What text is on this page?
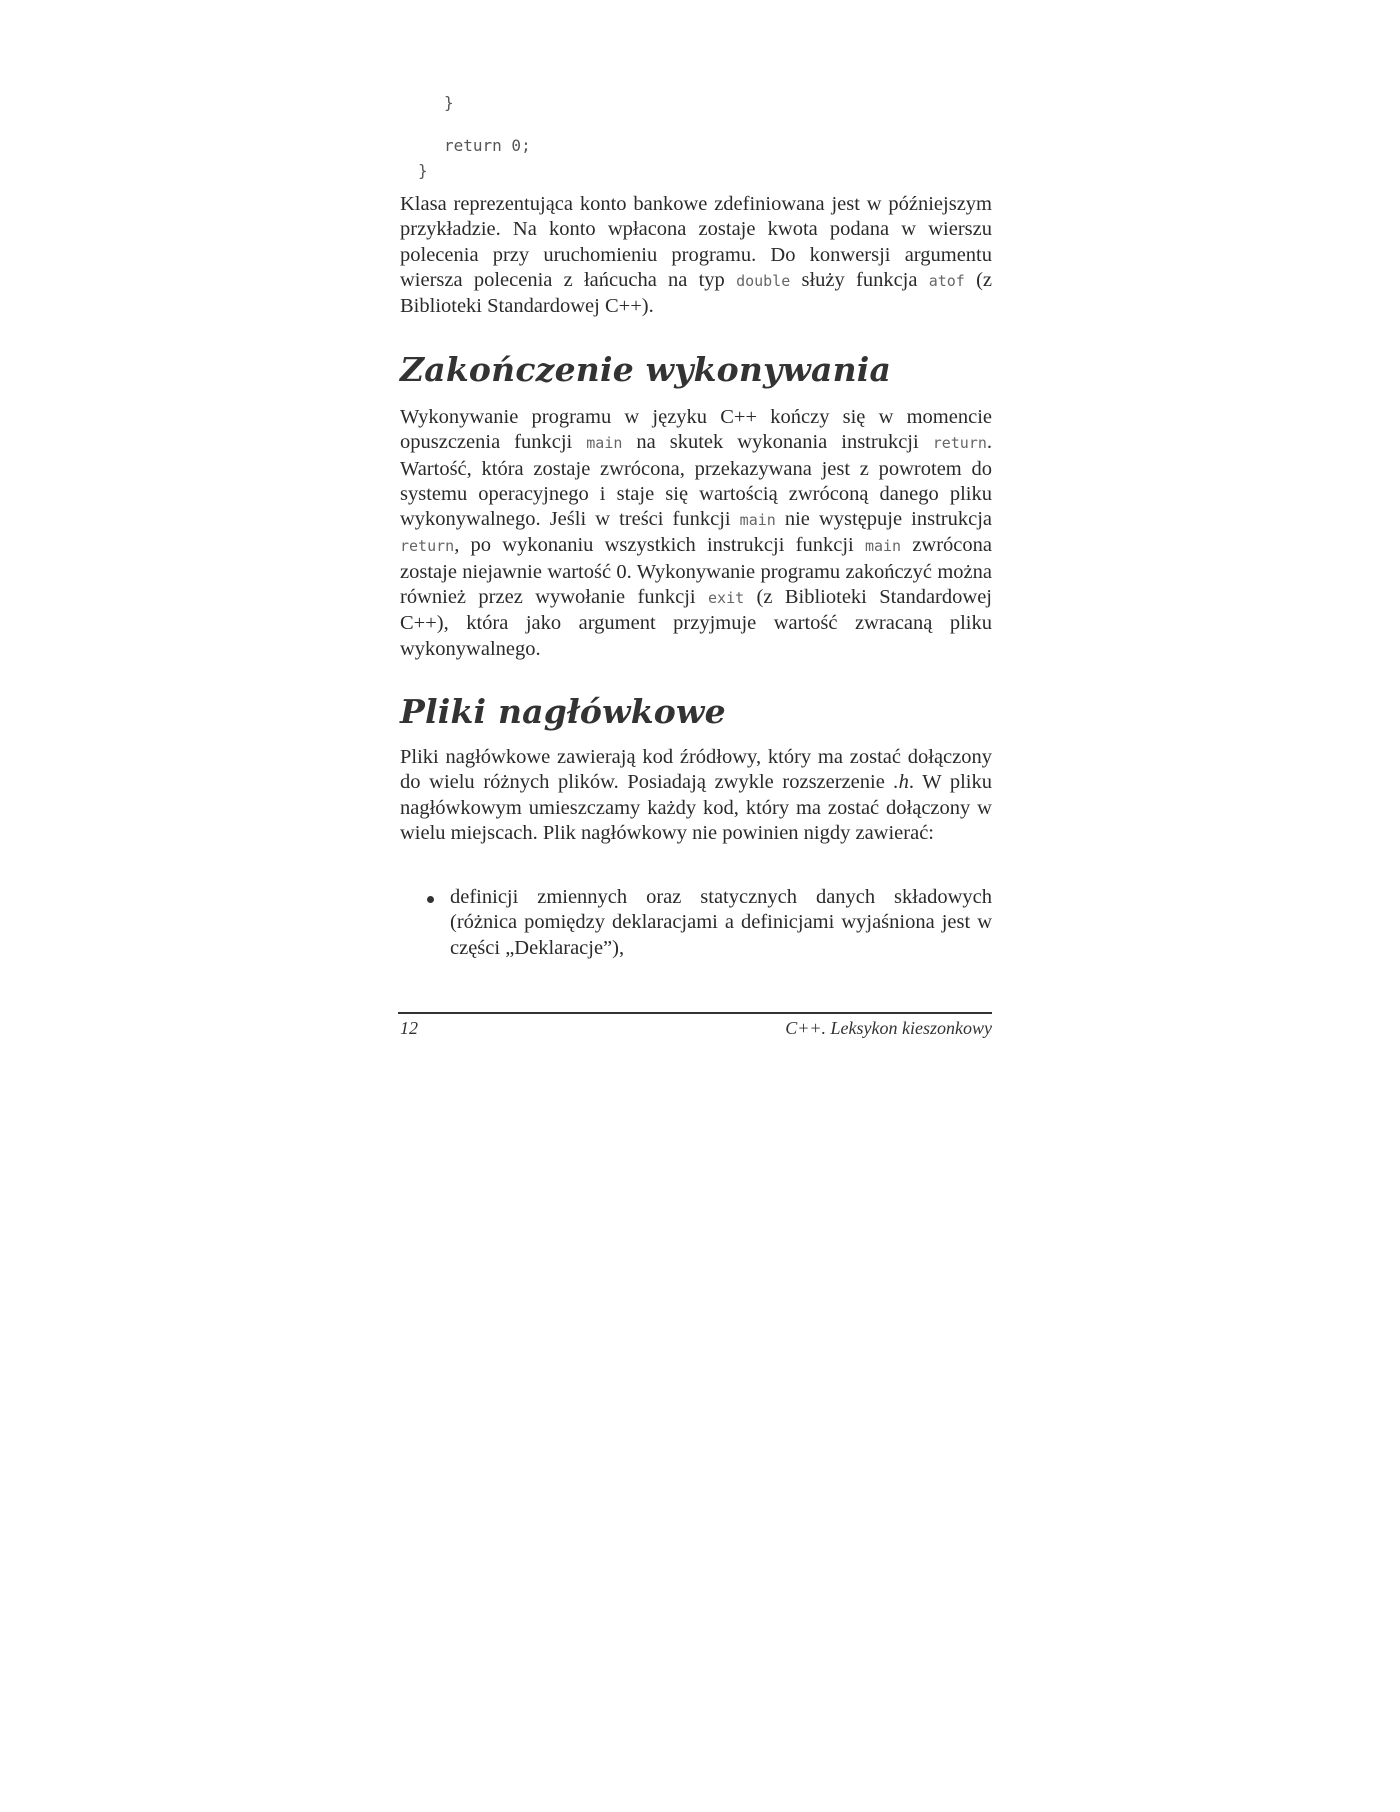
}
return 0;
}

Klasa reprezentująca konto bankowe zdefiniowana jest w późniejszym przykładzie. Na konto wpłacona zostaje kwota podana w wierszu polecenia przy uruchomieniu programu. Do konwersji argumentu wiersza polecenia z łańcucha na typ double służy funkcja atof (z Biblioteki Standardowej C++).

Zakończenie wykonywania

Wykonywanie programu w języku C++ kończy się w momencie opuszczenia funkcji main na skutek wykonania instrukcji return. Wartość, która zostaje zwrócona, przekazywana jest z powrotem do systemu operacyjnego i staje się wartością zwróconą danego pliku wykonywalnego. Jeśli w treści funkcji main nie występuje instrukcja return, po wykonaniu wszystkich instrukcji funkcji main zwrócona zostaje niejawnie wartość 0. Wykonywanie programu zakończyć można również przez wywołanie funkcji exit (z Biblioteki Standardowej C++), która jako argument przyjmuje wartość zwracaną pliku wykonywalnego.

Pliki nagłówkowe

Pliki nagłówkowe zawierają kod źródłowy, który ma zostać dołączony do wielu różnych plików. Posiadają zwykle rozszerzenie .h. W pliku nagłówkowym umieszczamy każdy kod, który ma zostać dołączony w wielu miejscach. Plik nagłówkowy nie powinien nigdy zawierać:

definicji zmiennych oraz statycznych danych składowych (różnica pomiędzy deklaracjami a definicjami wyjaśniona jest w części „Deklaracje”),
12	C++. Leksykon kieszonkowy
